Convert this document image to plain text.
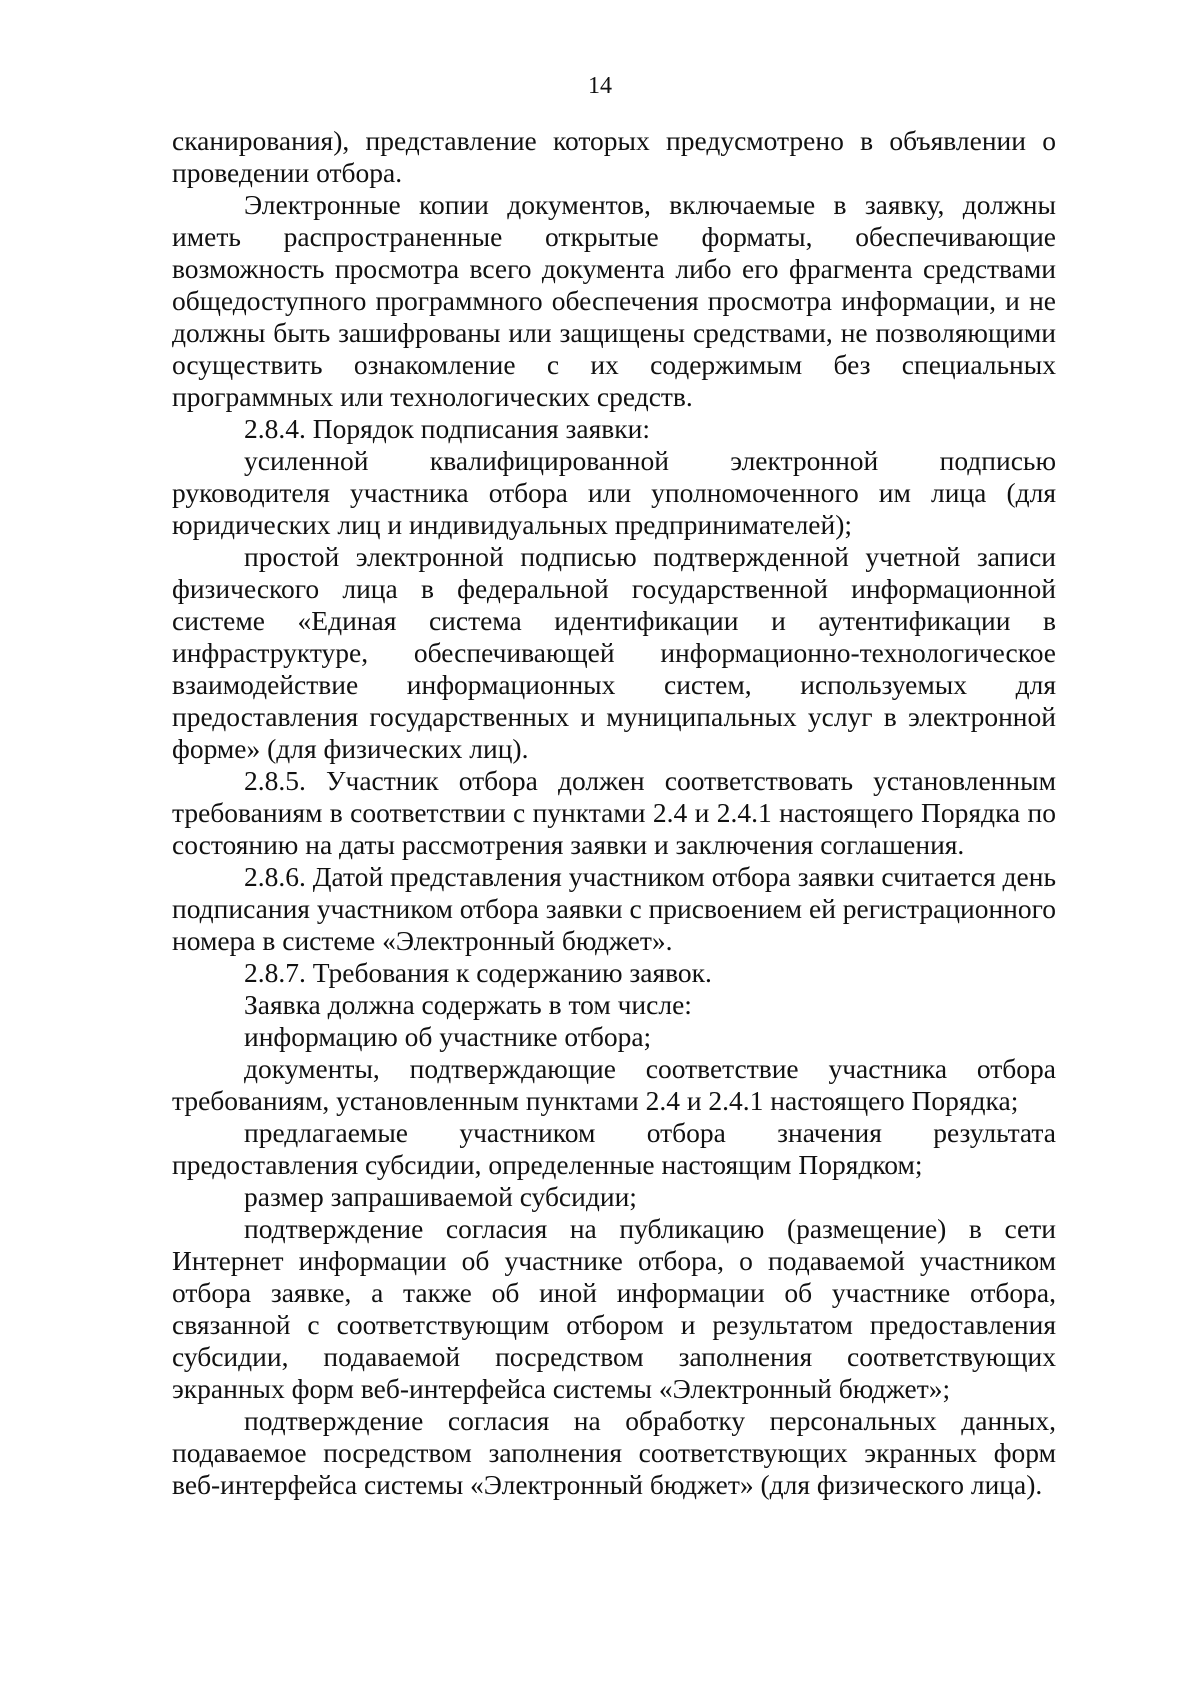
14

сканирования), представление которых предусмотрено в объявлении о проведении отбора.

Электронные копии документов, включаемые в заявку, должны иметь распространенные открытые форматы, обеспечивающие возможность просмотра всего документа либо его фрагмента средствами общедоступного программного обеспечения просмотра информации, и не должны быть зашифрованы или защищены средствами, не позволяющими осуществить ознакомление с их содержимым без специальных программных или технологических средств.

2.8.4. Порядок подписания заявки:

усиленной квалифицированной электронной подписью руководителя участника отбора или уполномоченного им лица (для юридических лиц и индивидуальных предпринимателей);

простой электронной подписью подтвержденной учетной записи физического лица в федеральной государственной информационной системе «Единая система идентификации и аутентификации в инфраструктуре, обеспечивающей информационно-технологическое взаимодействие информационных систем, используемых для предоставления государственных и муниципальных услуг в электронной форме» (для физических лиц).

2.8.5. Участник отбора должен соответствовать установленным требованиям в соответствии с пунктами 2.4 и 2.4.1 настоящего Порядка по состоянию на даты рассмотрения заявки и заключения соглашения.

2.8.6. Датой представления участником отбора заявки считается день подписания участником отбора заявки с присвоением ей регистрационного номера в системе «Электронный бюджет».

2.8.7. Требования к содержанию заявок.

Заявка должна содержать в том числе:

информацию об участнике отбора;

документы, подтверждающие соответствие участника отбора требованиям, установленным пунктами 2.4 и 2.4.1 настоящего Порядка;

предлагаемые участником отбора значения результата предоставления субсидии, определенные настоящим Порядком;

размер запрашиваемой субсидии;

подтверждение согласия на публикацию (размещение) в сети Интернет информации об участнике отбора, о подаваемой участником отбора заявке, а также об иной информации об участнике отбора, связанной с соответствующим отбором и результатом предоставления субсидии, подаваемой посредством заполнения соответствующих экранных форм веб-интерфейса системы «Электронный бюджет»;

подтверждение согласия на обработку персональных данных, подаваемое посредством заполнения соответствующих экранных форм веб-интерфейса системы «Электронный бюджет» (для физического лица).
